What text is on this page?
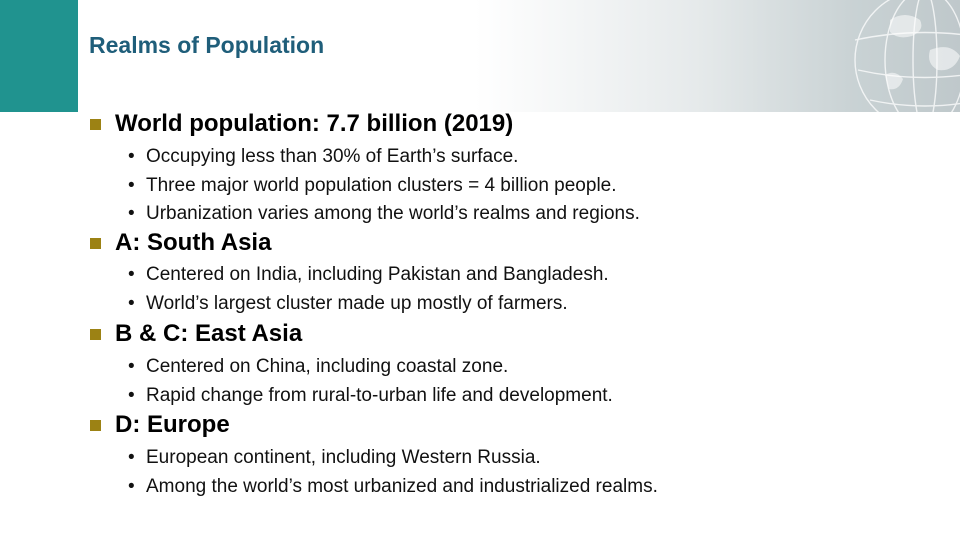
Realms of Population
World population: 7.7 billion (2019)
• Occupying less than 30% of Earth’s surface.
• Three major world population clusters = 4 billion people.
• Urbanization varies among the world’s realms and regions.
A: South Asia
• Centered on India, including Pakistan and Bangladesh.
• World’s largest cluster made up mostly of farmers.
B & C: East Asia
• Centered on China, including coastal zone.
• Rapid change from rural-to-urban life and development.
D: Europe
• European continent, including Western Russia.
• Among the world’s most urbanized and industrialized realms.
